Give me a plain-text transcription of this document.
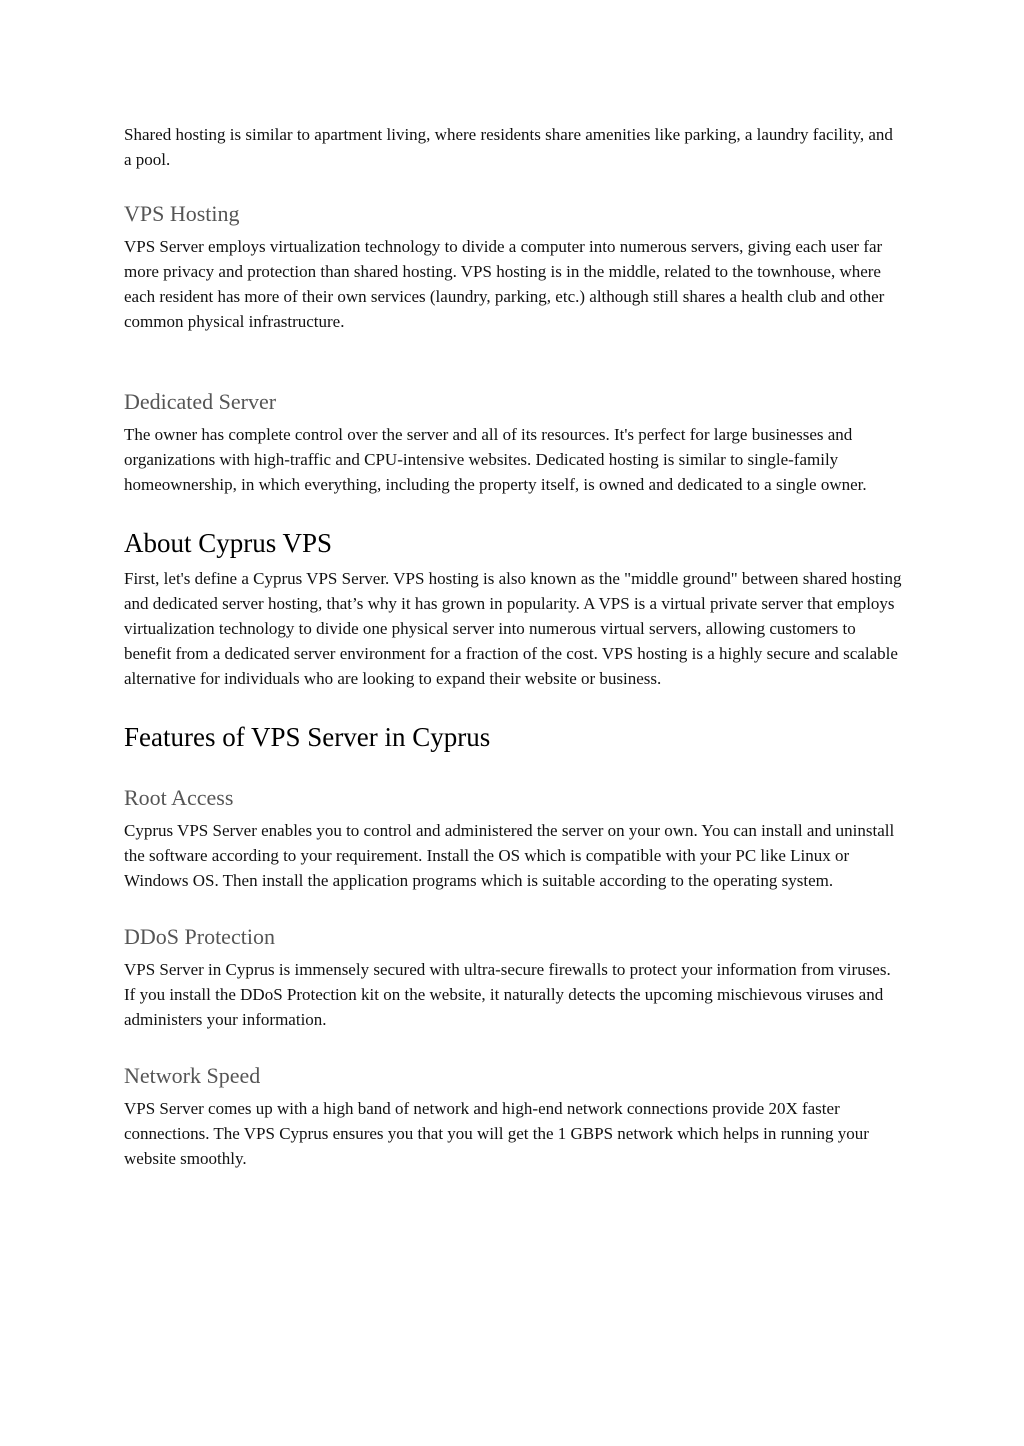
Shared hosting is similar to apartment living, where residents share amenities like parking, a laundry facility, and a pool.

VPS Hosting

VPS Server employs virtualization technology to divide a computer into numerous servers, giving each user far more privacy and protection than shared hosting. VPS hosting is in the middle, related to the townhouse, where each resident has more of their own services (laundry, parking, etc.) although still shares a health club and other common physical infrastructure.

Dedicated Server

The owner has complete control over the server and all of its resources. It's perfect for large businesses and organizations with high-traffic and CPU-intensive websites. Dedicated hosting is similar to single-family homeownership, in which everything, including the property itself, is owned and dedicated to a single owner.

About Cyprus VPS

First, let's define a Cyprus VPS Server. VPS hosting is also known as the "middle ground" between shared hosting and dedicated server hosting, that’s why it has grown in popularity. A VPS is a virtual private server that employs virtualization technology to divide one physical server into numerous virtual servers, allowing customers to benefit from a dedicated server environment for a fraction of the cost. VPS hosting is a highly secure and scalable alternative for individuals who are looking to expand their website or business.

Features of VPS Server in Cyprus
Root Access

Cyprus VPS Server enables you to control and administered the server on your own. You can install and uninstall the software according to your requirement. Install the OS which is compatible with your PC like Linux or Windows OS. Then install the application programs which is suitable according to the operating system.

DDoS Protection

VPS Server in Cyprus is immensely secured with ultra-secure firewalls to protect your information from viruses. If you install the DDoS Protection kit on the website, it naturally detects the upcoming mischievous viruses and administers your information.

Network Speed

VPS Server comes up with a high band of network and high-end network connections provide 20X faster connections. The VPS Cyprus ensures you that you will get the 1 GBPS network which helps in running your website smoothly.
